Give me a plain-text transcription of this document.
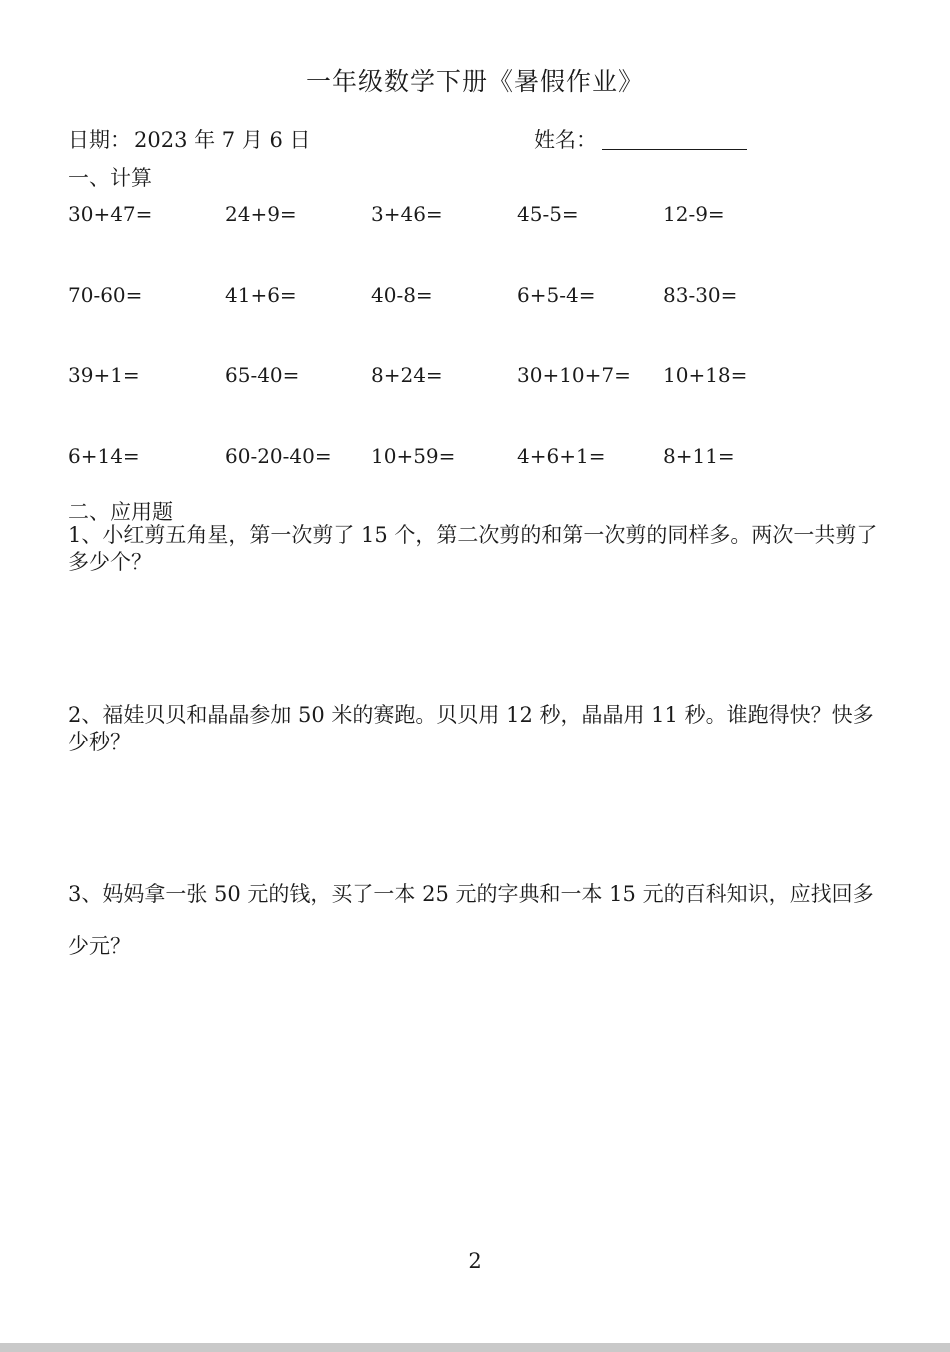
一年级数学下册《暑假作业》
日期： 2023 年 7 月 6 日	姓名：
一、计算
30+47=	24+9=	3+46=	45-5=	12-9=
70-60=	41+6=	40-8=	6+5-4=	83-30=
39+1=	65-40=	8+24=	30+10+7= 10+18=
6+14=	60-20-40= 10+59=	4+6+1=	8+11=
二、应用题
1、小红剪五角星，第一次剪了 15 个，第二次剪的和第一次剪的同样多。两次一共剪了多少个？
2、福娃贝贝和晶晶参加 50 米的赛跑。贝贝用 12 秒，晶晶用 11 秒。谁跑得快？快多少秒？
3、妈妈拿一张 50 元的钱，买了一本 25 元的字典和一本 15 元的百科知识，应找回多少元？
2
